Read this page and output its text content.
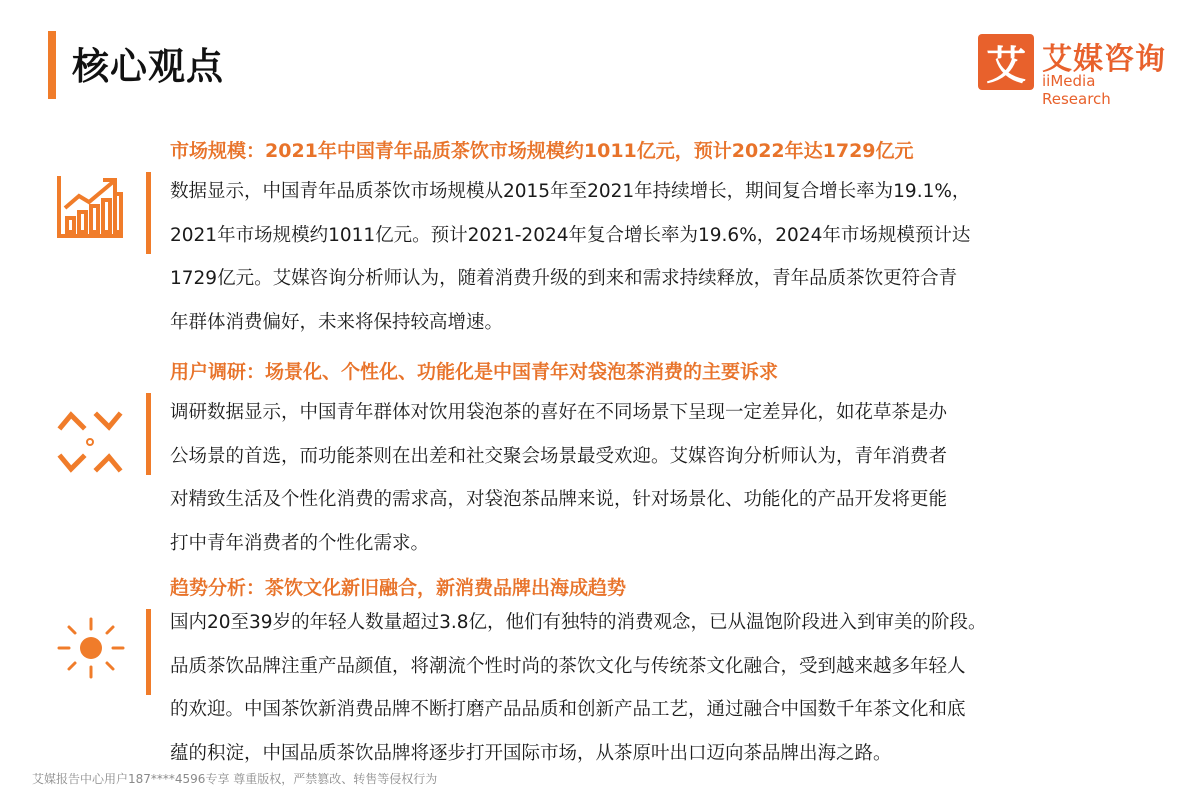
核心观点	艾 艾媒咨询
iiMedia Research
市场规模：2021年中国青年品质茶饮市场规模约1011亿元，预计2022年达1729亿元
数据显示，中国青年品质茶饮市场规模从2015年至2021年持续增长，期间复合增长率为19.1%，
2021年市场规模约1011亿元。预计2021-2024年复合增长率为19.6%，2024年市场规模预计达
1729亿元。艾媒咨询分析师认为，随着消费升级的到来和需求持续释放，青年品质茶饮更符合青
年群体消费偏好，未来将保持较高增速。
用户调研：场景化、个性化、功能化是中国青年对袋泡茶消费的主要诉求
调研数据显示，中国青年群体对饮用袋泡茶的喜好在不同场景下呈现一定差异化，如花草茶是办
公场景的首选，而功能茶则在出差和社交聚会场景最受欢迎。艾媒咨询分析师认为，青年消费者
对精致生活及个性化消费的需求高，对袋泡茶品牌来说，针对场景化、功能化的产品开发将更能
打中青年消费者的个性化需求。
趋势分析：茶饮文化新旧融合，新消费品牌出海成趋势
国内20至39岁的年轻人数量超过3.8亿，他们有独特的消费观念，已从温饱阶段进入到审美的阶段。
品质茶饮品牌注重产品颜值，将潮流个性时尚的茶饮文化与传统茶文化融合，受到越来越多年轻人
的欢迎。中国茶饮新消费品牌不断打磨产品品质和创新产品工艺，通过融合中国数千年茶文化和底
蕴的积淀，中国品质茶饮品牌将逐步打开国际市场，从茶原叶出口迈向茶品牌出海之路。
艾媒报告中心用户187****4596专享 尊重版权，严禁篡改、转售等侵权行为
